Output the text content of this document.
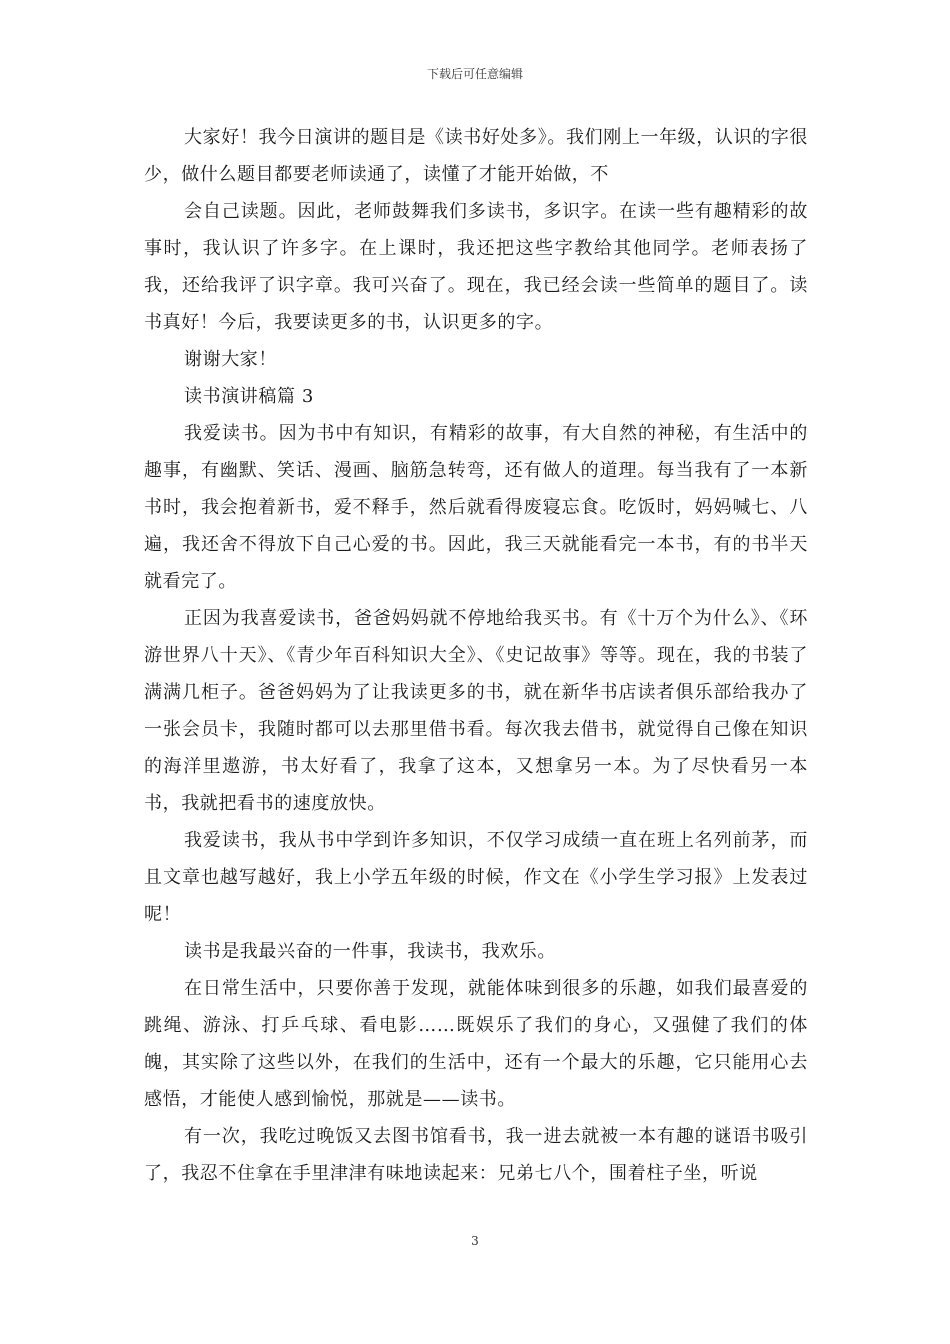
下载后可任意编辑

大家好！我今日演讲的题目是《读书好处多》。我们刚上一年级，认识的字很少，做什么题目都要老师读通了，读懂了才能开始做，不

会自己读题。因此，老师鼓舞我们多读书，多识字。在读一些有趣精彩的故事时，我认识了许多字。在上课时，我还把这些字教给其他同学。老师表扬了我，还给我评了识字章。我可兴奋了。现在，我已经会读一些简单的题目了。读书真好！今后，我要读更多的书，认识更多的字。

谢谢大家！

读书演讲稿篇 3

我爱读书。因为书中有知识，有精彩的故事，有大自然的神秘，有生活中的趣事，有幽默、笑话、漫画、脑筋急转弯，还有做人的道理。每当我有了一本新书时，我会抱着新书，爱不释手，然后就看得废寝忘食。吃饭时，妈妈喊七、八遍，我还舍不得放下自己心爱的书。因此，我三天就能看完一本书，有的书半天就看完了。

正因为我喜爱读书，爸爸妈妈就不停地给我买书。有《十万个为什么》、《环游世界八十天》、《青少年百科知识大全》、《史记故事》等等。现在，我的书装了满满几柜子。爸爸妈妈为了让我读更多的书，就在新华书店读者俱乐部给我办了一张会员卡，我随时都可以去那里借书看。每次我去借书，就觉得自己像在知识的海洋里遨游，书太好看了，我拿了这本，又想拿另一本。为了尽快看另一本书，我就把看书的速度放快。

我爱读书，我从书中学到许多知识，不仅学习成绩一直在班上名列前茅，而且文章也越写越好，我上小学五年级的时候，作文在《小学生学习报》上发表过呢！

读书是我最兴奋的一件事，我读书，我欢乐。

在日常生活中，只要你善于发现，就能体味到很多的乐趣，如我们最喜爱的跳绳、游泳、打乒乓球、看电影……既娱乐了我们的身心，又强健了我们的体魄，其实除了这些以外，在我们的生活中，还有一个最大的乐趣，它只能用心去感悟，才能使人感到愉悦，那就是——读书。

有一次，我吃过晚饭又去图书馆看书，我一进去就被一本有趣的谜语书吸引了，我忍不住拿在手里津津有味地读起来：兄弟七八个，围着柱子坐，听说

3
